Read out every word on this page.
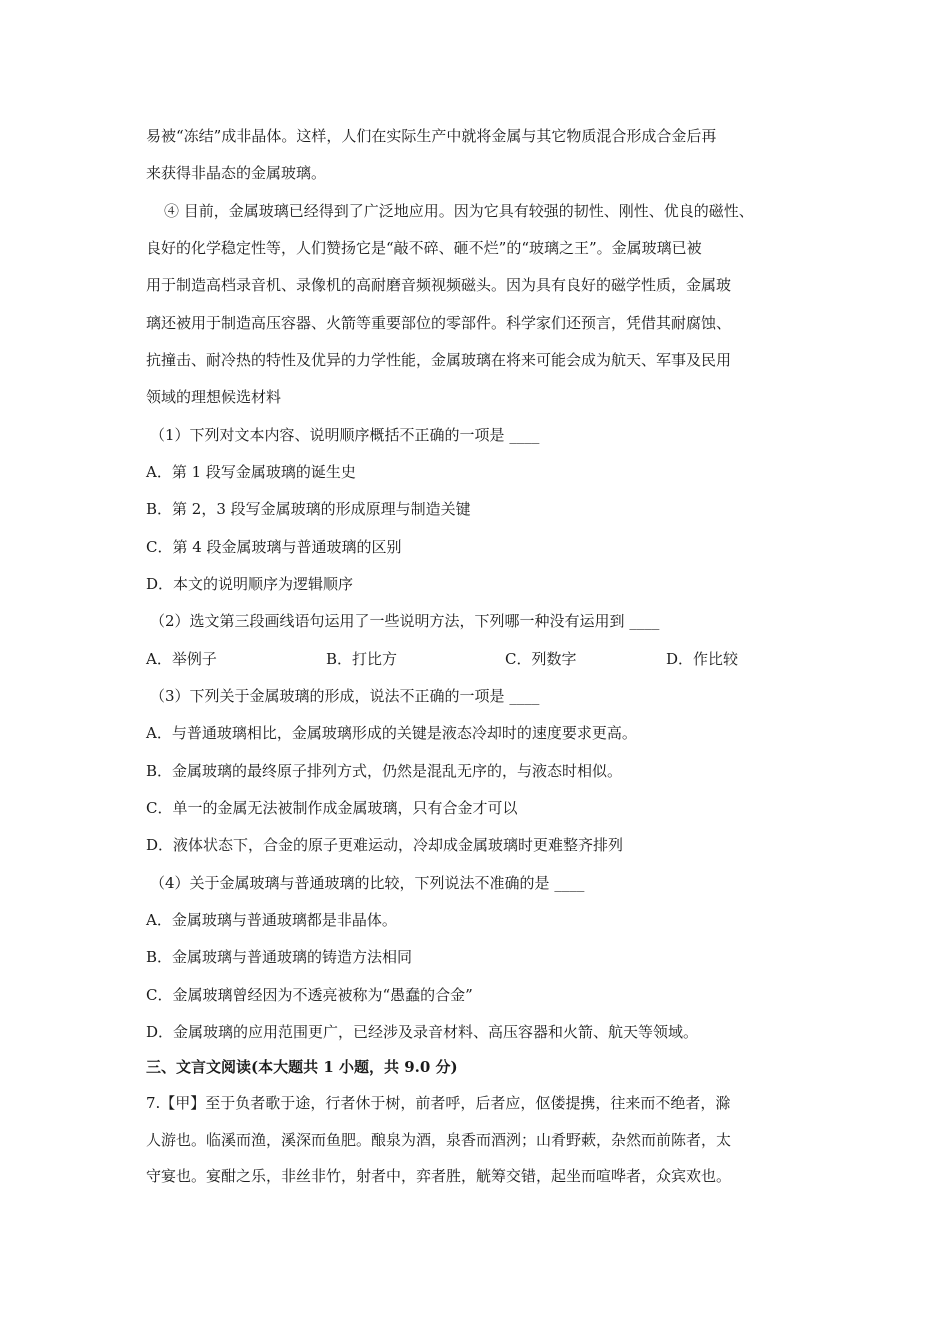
易被“冻结”成非晶体。这样，人们在实际生产中就将金属与其它物质混合形成合金后再
来获得非晶态的金属玻璃。
④ 目前，金属玻璃已经得到了广泛地应用。因为它具有较强的韧性、刚性、优良的磁性、
良好的化学稳定性等，人们赞扬它是“敲不碎、砸不烂”的“玻璃之王”。金属玻璃已被
用于制造高档录音机、录像机的高耐磨音频视频磁头。因为具有良好的磁学性质，金属玻
璃还被用于制造高压容器、火箭等重要部位的零部件。科学家们还预言，凭借其耐腐蚀、
抗撞击、耐冷热的特性及优异的力学性能，金属玻璃在将来可能会成为航天、军事及民用
领域的理想候选材料
（1）下列对文本内容、说明顺序概括不正确的一项是 ____
A．第 1 段写金属玻璃的诞生史
B．第 2，3 段写金属玻璃的形成原理与制造关键
C．第 4 段金属玻璃与普通玻璃的区别
D．本文的说明顺序为逻辑顺序
（2）选文第三段画线语句运用了一些说明方法，下列哪一种没有运用到 ____
A．举例子	B．打比方	C．列数字	D．作比较
（3）下列关于金属玻璃的形成，说法不正确的一项是 ____
A．与普通玻璃相比，金属玻璃形成的关键是液态冷却时的速度要求更高。
B．金属玻璃的最终原子排列方式，仍然是混乱无序的，与液态时相似。
C．单一的金属无法被制作成金属玻璃，只有合金才可以
D．液体状态下，合金的原子更难运动，冷却成金属玻璃时更难整齐排列
（4）关于金属玻璃与普通玻璃的比较，下列说法不准确的是 ____
A．金属玻璃与普通玻璃都是非晶体。
B．金属玻璃与普通玻璃的铸造方法相同
C．金属玻璃曾经因为不透亮被称为“愚蠢的合金”
D．金属玻璃的应用范围更广，已经涉及录音材料、高压容器和火箭、航天等领域。
三、文言文阅读(本大题共 1 小题，共 9.0 分)
7.【甲】至于负者歌于途，行者休于树，前者呼，后者应，伛偻提携，往来而不绝者，滁
人游也。临溪而渔，溪深而鱼肥。酿泉为酒，泉香而酒洌；山肴野蔌，杂然而前陈者，太
守宴也。宴酣之乐，非丝非竹，射者中，弈者胜，觥筹交错，起坐而喧哗者，众宾欢也。
